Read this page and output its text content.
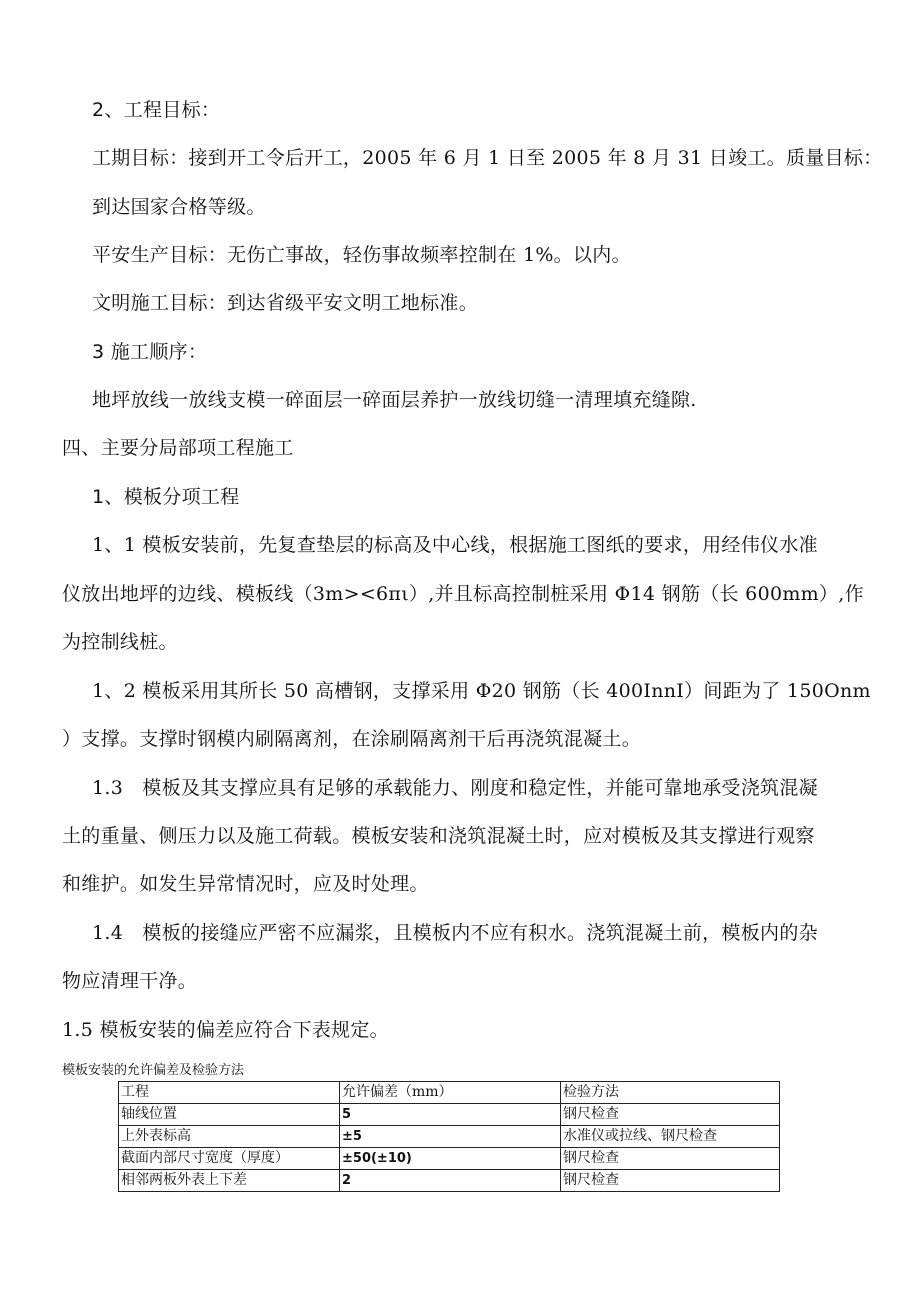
2、工程目标：
工期目标：接到开工令后开工，2005 年 6 月 1 日至 2005 年 8 月 31 日竣工。质量目标：
到达国家合格等级。
平安生产目标：无伤亡事故，轻伤事故频率控制在 1%。以内。
文明施工目标：到达省级平安文明工地标准。
3 施工顺序：
地坪放线一放线支模一碎面层一碎面层养护一放线切缝一清理填充缝隙.
四、主要分局部项工程施工
1、模板分项工程
1、1 模板安装前，先复查垫层的标高及中心线，根据施工图纸的要求，用经伟仪水准
仪放出地坪的边线、模板线（3m><6πι）,并且标高控制桩采用 Φ14 钢筋（长 600mm）,作
为控制线桩。
1、2 模板采用其所长 50 高槽钢，支撑采用 Φ20 钢筋（长 400InnI）间距为了 150Onm
）支撑。支撑时钢模内刷隔离剂，在涂刷隔离剂干后再浇筑混凝土。
1.3　模板及其支撑应具有足够的承载能力、刚度和稳定性，并能可靠地承受浇筑混凝
土的重量、侧压力以及施工荷载。模板安装和浇筑混凝土时，应对模板及其支撑进行观察
和维护。如发生异常情况时，应及时处理。
1.4　模板的接缝应严密不应漏浆，且模板内不应有积水。浇筑混凝土前，模板内的杂
物应清理干净。
1.5 模板安装的偏差应符合下表规定。
模板安装的允许偏差及检验方法
工程	允许偏差（mm）	检验方法
轴线位置	5	钢尺检查
上外表标高	±5	水准仪或拉线、钢尺检查
截面内部尺寸宽度（厚度）	±50(±10)	钢尺检查
相邻两板外表上下差	2	钢尺检查
